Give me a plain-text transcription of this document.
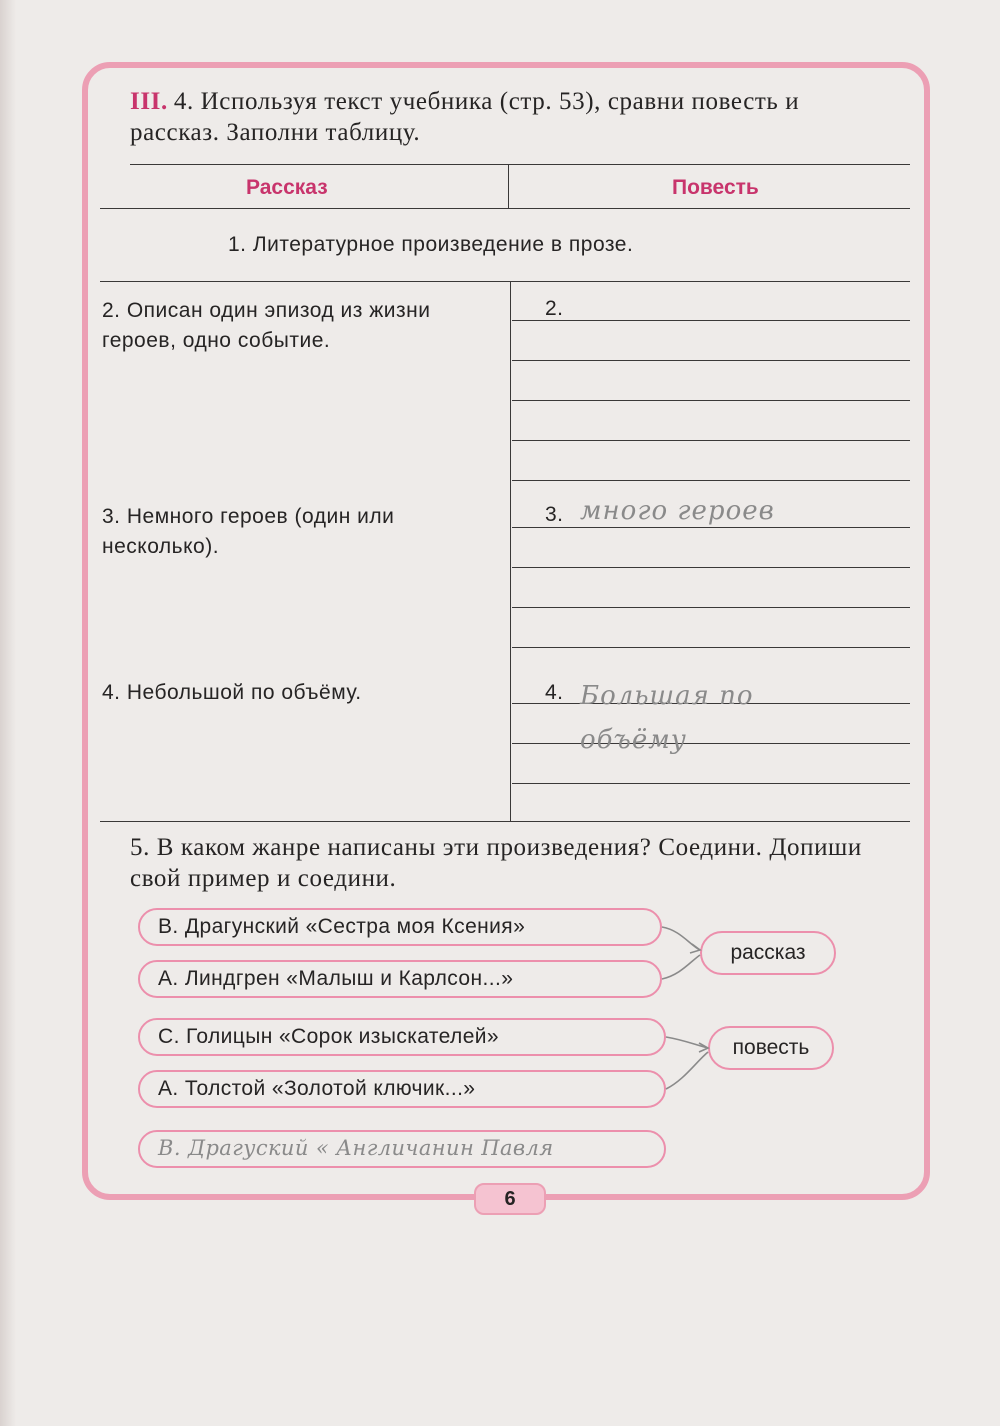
III. 4. Используя текст учебника (стр. 53), сравни повесть и рассказ. Заполни таблицу.
Рассказ	Повесть
1. Литературное произведение в прозе.
2. Описан один эпизод из жизни героев, одно событие.
2.
3. Немного героев (один или несколько).
3. много героев
4. Небольшой по объёму.	4. Большая по объёму
5. В каком жанре написаны эти произведения? Соедини. Допиши свой пример и соедини.
В. Драгунский «Сестра моя Ксения»
А. Линдгрен «Малыш и Карлсон...»
С. Голицын «Сорок изыскателей»
А. Толстой «Золотой ключик...»
В. Драгуский « Англичанин Павля
рассказ
повесть
6
